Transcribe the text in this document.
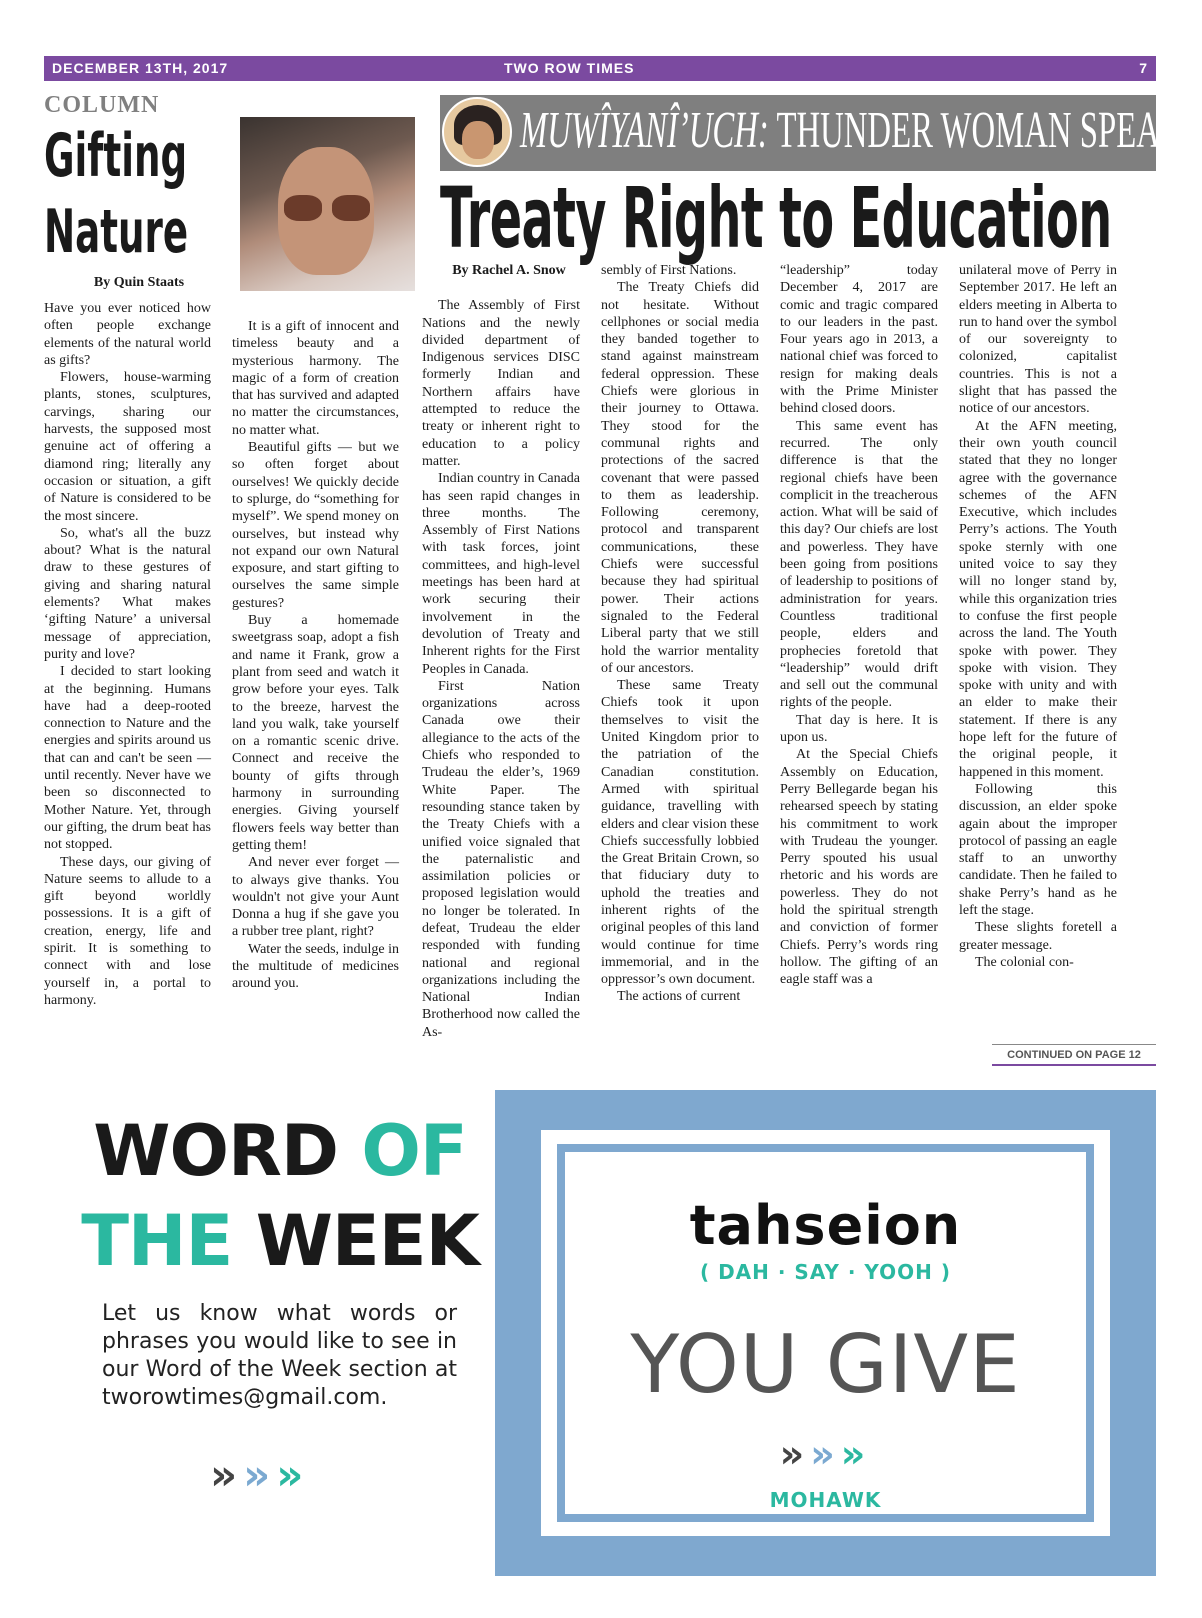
DECEMBER 13TH, 2017	TWO ROW TIMES	7
COLUMN
Gifting
Nature
By Quin Staats

Have you ever noticed how often people exchange elements of the natural world as gifts?

Flowers, house-warming plants, stones, sculptures, carvings, sharing our harvests, the supposed most genuine act of offering a diamond ring; literally any occasion or situation, a gift of Nature is considered to be the most sincere.

So, what's all the buzz about? What is the natural draw to these gestures of giving and sharing natural elements? What makes ‘gifting Nature’ a universal message of appreciation, purity and love?

I decided to start looking at the beginning. Humans have had a deep-rooted connection to Nature and the energies and spirits around us that can and can't be seen — until recently. Never have we been so disconnected to Mother Nature. Yet, through our gifting, the drum beat has not stopped.

These days, our giving of Nature seems to allude to a gift beyond worldly possessions. It is a gift of creation, energy, life and spirit. It is something to connect with and lose yourself in, a portal to harmony.

It is a gift of innocent and timeless beauty and a mysterious harmony. The magic of a form of creation that has survived and adapted no matter the circumstances, no matter what.

Beautiful gifts — but we so often forget about ourselves! We quickly decide to splurge, do “something for myself”. We spend money on ourselves, but instead why not expand our own Natural exposure, and start gifting to ourselves the same simple gestures?

Buy a homemade sweetgrass soap, adopt a fish and name it Frank, grow a plant from seed and watch it grow before your eyes. Talk to the breeze, harvest the land you walk, take yourself on a romantic scenic drive. Connect and receive the bounty of gifts through harmony in surrounding energies. Giving yourself flowers feels way better than getting them!

And never ever forget — to always give thanks. You wouldn't not give your Aunt Donna a hug if she gave you a rubber tree plant, right?

Water the seeds, indulge in the multitude of medicines around you.

MUWÎYANÎ’UCH: THUNDER WOMAN SPEAKS
Treaty Right to Education

By Rachel A. Snow

The Assembly of First Nations and the newly divided department of Indigenous services DISC formerly Indian and Northern affairs have attempted to reduce the treaty or inherent right to education to a policy matter.

Indian country in Canada has seen rapid changes in three months. The Assembly of First Nations with task forces, joint committees, and high-level meetings has been hard at work securing their involvement in the devolution of Treaty and Inherent rights for the First Peoples in Canada.

First Nation organizations across Canada owe their allegiance to the acts of the Chiefs who responded to Trudeau the elder’s, 1969 White Paper. The resounding stance taken by the Treaty Chiefs with a unified voice signaled that the paternalistic and assimilation policies or proposed legislation would no longer be tolerated. In defeat, Trudeau the elder responded with funding national and regional organizations including the National Indian Brotherhood now called the As-

sembly of First Nations.

The Treaty Chiefs did not hesitate. Without cellphones or social media they banded together to stand against mainstream federal oppression. These Chiefs were glorious in their journey to Ottawa. They stood for the communal rights and protections of the sacred covenant that were passed to them as leadership. Following ceremony, protocol and transparent communications, these Chiefs were successful because they had spiritual power. Their actions signaled to the Federal Liberal party that we still hold the warrior mentality of our ancestors.

These same Treaty Chiefs took it upon themselves to visit the United Kingdom prior to the patriation of the Canadian constitution. Armed with spiritual guidance, travelling with elders and clear vision these Chiefs successfully lobbied the Great Britain Crown, so that fiduciary duty to uphold the treaties and inherent rights of the original peoples of this land would continue for time immemorial, and in the oppressor’s own document.

The actions of current

“leadership” today December 4, 2017 are comic and tragic compared to our leaders in the past. Four years ago in 2013, a national chief was forced to resign for making deals with the Prime Minister behind closed doors.

This same event has recurred. The only difference is that the regional chiefs have been complicit in the treacherous action. What will be said of this day? Our chiefs are lost and powerless. They have been going from positions of leadership to positions of administration for years. Countless traditional people, elders and prophecies foretold that “leadership” would drift and sell out the communal rights of the people.

That day is here. It is upon us.

At the Special Chiefs Assembly on Education, Perry Bellegarde began his rehearsed speech by stating his commitment to work with Trudeau the younger. Perry spouted his usual rhetoric and his words are powerless. They do not hold the spiritual strength and conviction of former Chiefs. Perry’s words ring hollow. The gifting of an eagle staff was a

unilateral move of Perry in September 2017. He left an elders meeting in Alberta to run to hand over the symbol of our sovereignty to colonized, capitalist countries. This is not a slight that has passed the notice of our ancestors.

At the AFN meeting, their own youth council stated that they no longer agree with the governance schemes of the AFN Executive, which includes Perry’s actions. The Youth spoke sternly with one united voice to say they will no longer stand by, while this organization tries to confuse the first people across the land. The Youth spoke with power. They spoke with vision. They spoke with unity and with an elder to make their statement. If there is any hope left for the future of the original people, it happened in this moment.

Following this discussion, an elder spoke again about the improper protocol of passing an eagle staff to an unworthy candidate. Then he failed to shake Perry’s hand as he left the stage.

These slights foretell a greater message.

The colonial con-

CONTINUED ON PAGE 12
WORD OF
THE WEEK
Let us know what words or phrases you would like to see in our Word of the Week section at tworowtimes@gmail.com.
»»»
tahseion
( DAH · SAY · YOOH )
YOU GIVE
»»»
MOHAWK
